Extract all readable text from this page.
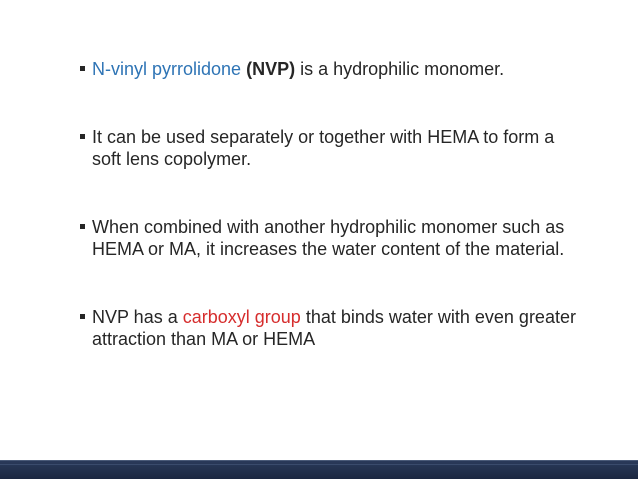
N-vinyl pyrrolidone (NVP) is a hydrophilic monomer.
It can be used separately or together with HEMA to form a soft lens copolymer.
When combined with another hydrophilic monomer such as HEMA or MA, it increases the water content of the material.
NVP has a carboxyl group that binds water with even greater attraction than MA or HEMA
